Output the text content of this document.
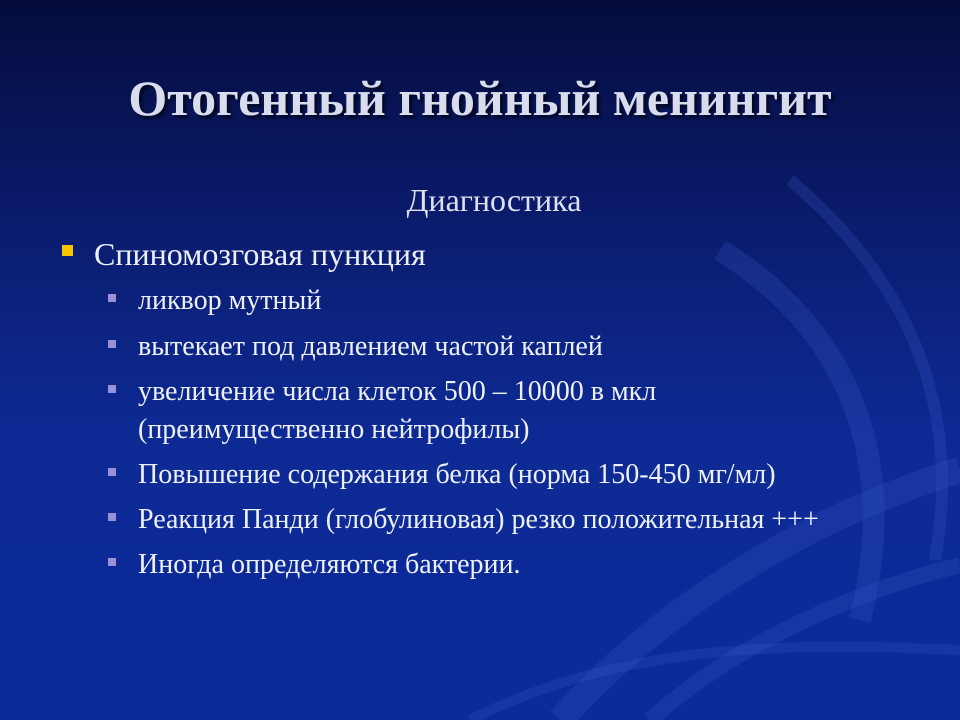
Отогенный гнойный менингит
Диагностика
Спиномозговая пункция
ликвор мутный
вытекает под давлением частой каплей
увеличение числа клеток 500 – 10000 в мкл
(преимущественно нейтрофилы)
Повышение содержания белка (норма 150-450 мг/мл)
Реакция Панди (глобулиновая) резко положительная +++
Иногда определяются бактерии.
